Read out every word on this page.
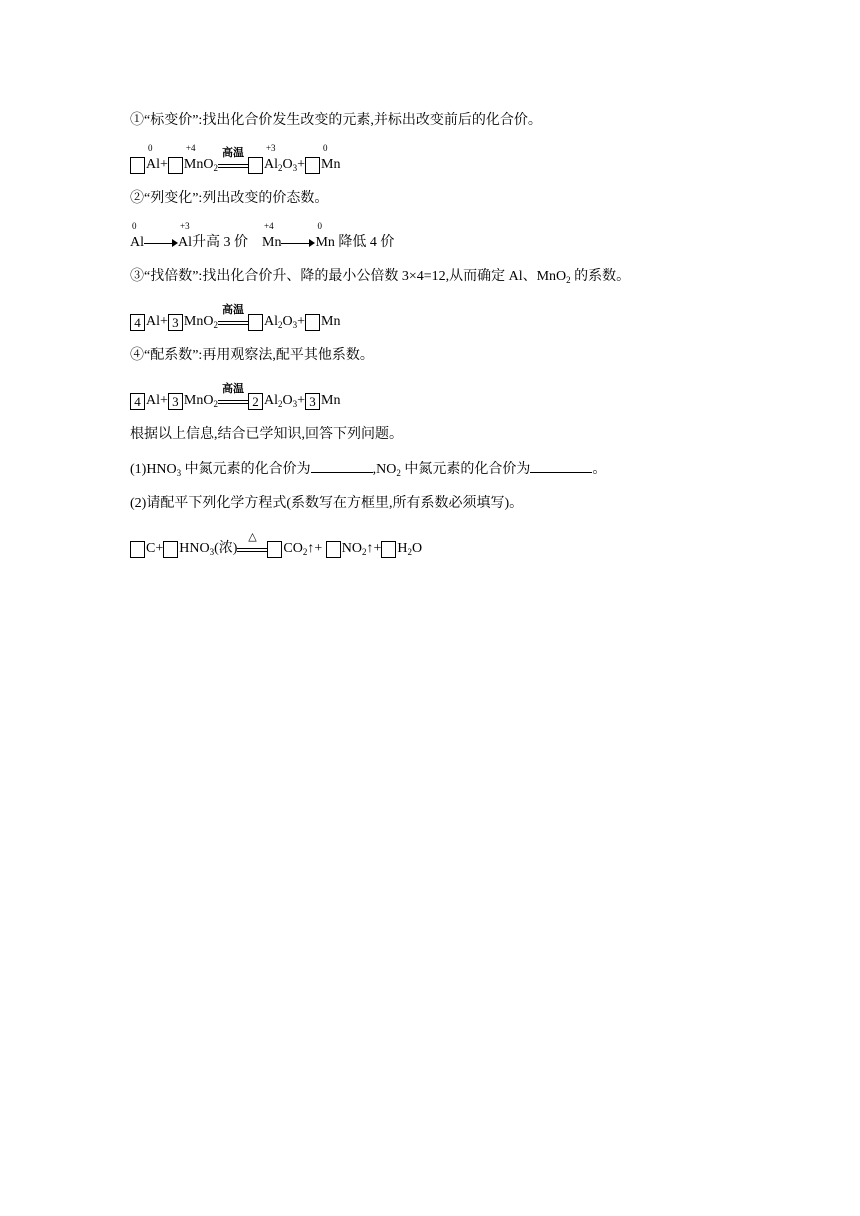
①“标变价”:找出化合价发生改变的元素,并标出改变前后的化合价。
0
Al+
+4
MnO$_2$
高温	+3
$Al_2O_3+$
0
Mn
②“列变化”:列出改变的价态数。
0
Al
+3
Al升高 3 价
+4
Mn
0
Mn 降低 4 价
③“找倍数”:找出化合价升、降的最小公倍数 3×4=12,从而确定 Al、MnO$_2$ 的系数。
4 Al+ 3 MnO$_2$
高温
$Al_2O_3+ Mn$
④“配系数”:再用观察法,配平其他系数。
4 Al+ 3 MnO$_2$
高温
2 $Al_2O_3+ 3$ Mn
根据以上信息,结合已学知识,回答下列问题。
$(1)HNO_3$ 中氮元素的化合价为	$,NO_2$ 中氮元素的化合价为	。
(2)请配平下列化学方程式(系数写在方框里,所有系数必须填写)。
$C+ HNO_3$(浓)
△
$CO_2↑+$ $NO_2↑+ H_2O$
